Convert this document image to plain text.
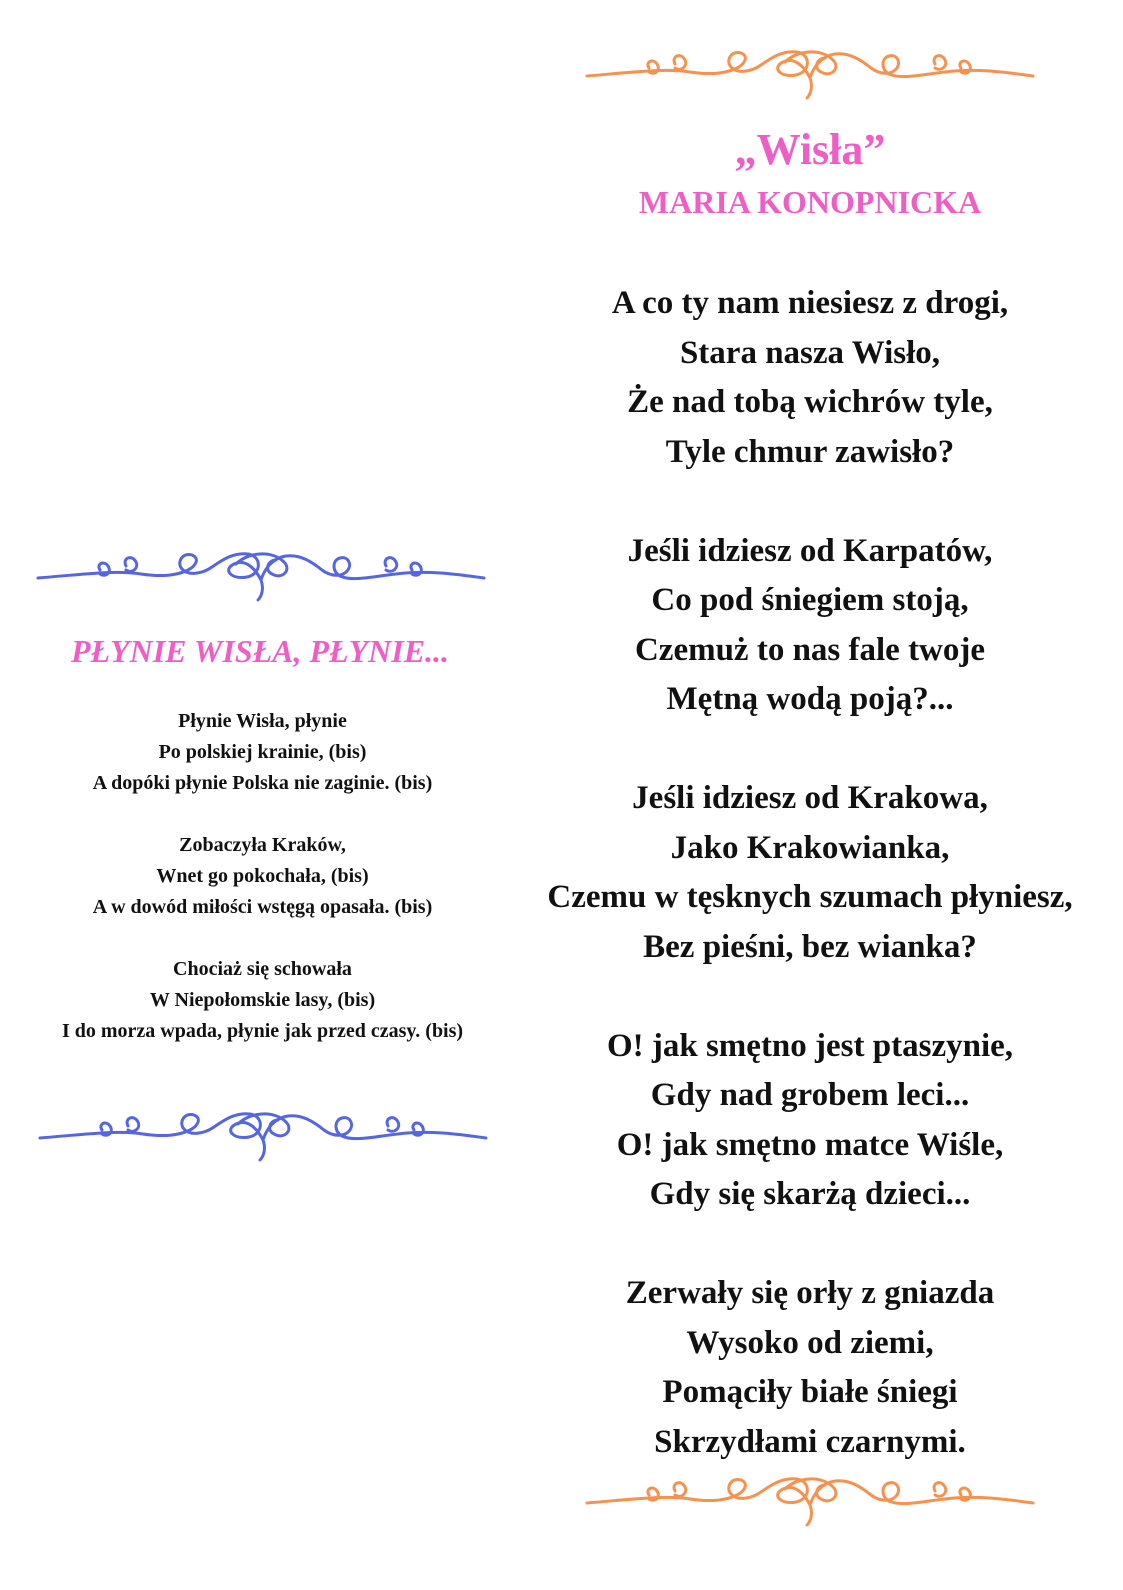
„Wisła”
MARIA KONOPNICKA
A co ty nam niesiesz z drogi,
Stara nasza Wisło,
Że nad tobą wichrów tyle,
Tyle chmur zawisło?
Jeśli idziesz od Karpatów,
Co pod śniegiem stoją,
Czemuż to nas fale twoje
Mętną wodą poją?...
Jeśli idziesz od Krakowa,
Jako Krakowianka,
Czemu w tęsknych szumach płyniesz,
Bez pieśni, bez wianka?
O! jak smętno jest ptaszynie,
Gdy nad grobem leci...
O! jak smętno matce Wiśle,
Gdy się skarżą dzieci...
Zerwały się orły z gniazda
Wysoko od ziemi,
Pomąciły białe śniegi
Skrzydłami czarnymi.
PŁYNIE WISŁA, PŁYNIE...
Płynie Wisła, płynie
Po polskiej krainie, (bis)
A dopóki płynie Polska nie zaginie. (bis)
Zobaczyła Kraków,
Wnet go pokochała, (bis)
A w dowód miłości wstęgą opasała. (bis)
Chociaż się schowała
W Niepołomskie lasy, (bis)
I do morza wpada, płynie jak przed czasy. (bis)
